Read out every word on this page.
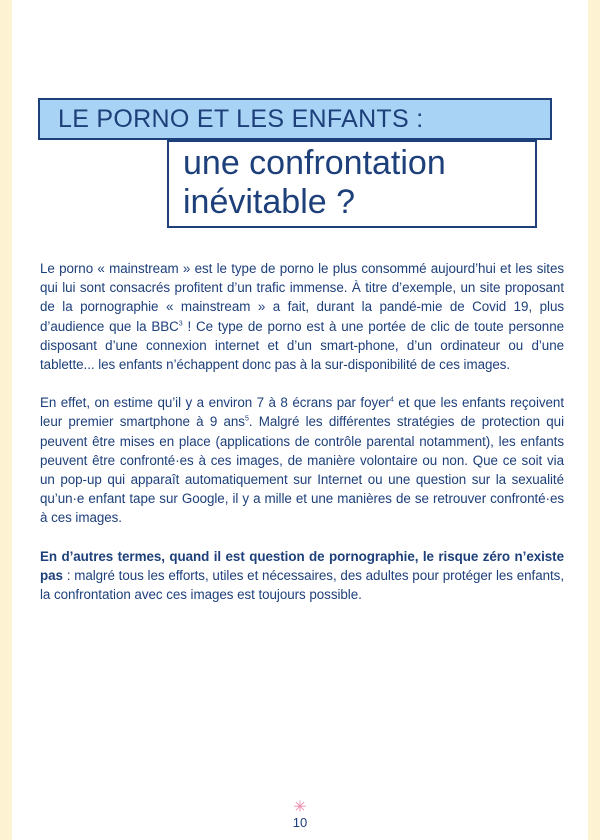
LE PORNO ET LES ENFANTS :
une confrontation
inévitable ?

Le porno « mainstream » est le type de porno le plus consommé aujourd’hui et les sites qui lui sont consacrés profitent d’un trafic immense. À titre d’exemple, un site proposant de la pornographie « mainstream » a fait, durant la pandé-mie de Covid 19, plus d’audience que la BBC$^3$ ! Ce type de porno est à une portée de clic de toute personne disposant d’une connexion internet et d’un smart-phone, d’un ordinateur ou d’une tablette... les enfants n’échappent donc pas à la sur-disponibilité de ces images.

En effet, on estime qu’il y a environ 7 à 8 écrans par foyer$^4$ et que les enfants reçoivent leur premier smartphone à 9 ans$^5$. Malgré les différentes stratégies de protection qui peuvent être mises en place (applications de contrôle parental notamment), les enfants peuvent être confronté·es à ces images, de manière volontaire ou non. Que ce soit via un pop-up qui apparaît automatiquement sur Internet ou une question sur la sexualité qu’un·e enfant tape sur Google, il y a mille et une manières de se retrouver confronté·es à ces images.

En d’autres termes, quand il est question de pornographie, le risque zéro n’existe pas : malgré tous les efforts, utiles et nécessaires, des adultes pour protéger les enfants, la confrontation avec ces images est toujours possible.

✳
10
